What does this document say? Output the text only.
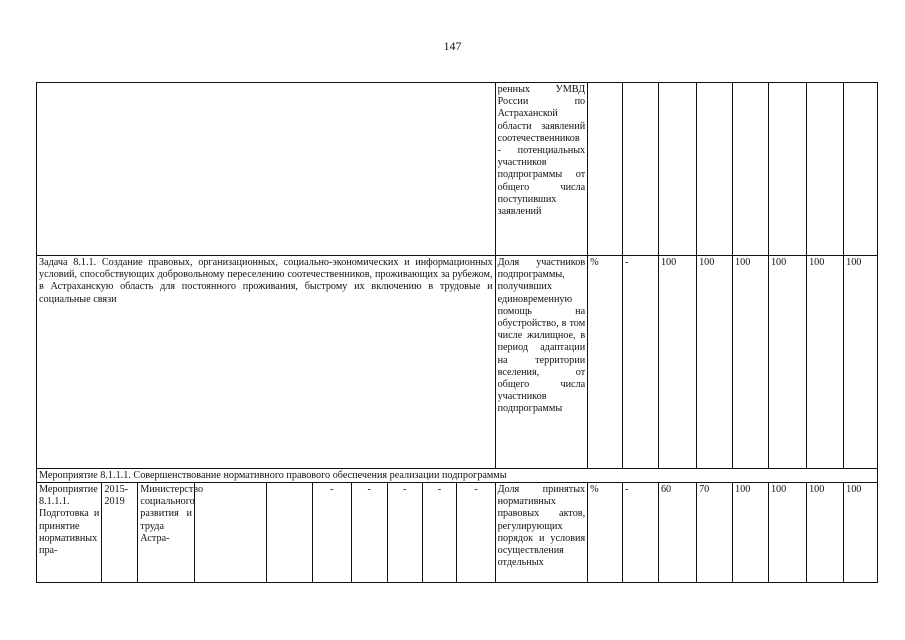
147
										ренных УМВД России по Астраханской области заявлений соотечественников - потенциальных участников подпрограммы от общего числа поступивших заявлений								
Задача 8.1.1. Создание правовых, организационных, социально-экономических и информационных условий, способствующих добровольному переселению соотечественников, проживающих за рубежом, в Астраханскую область для постоянного проживания, быстрому их включению в трудовые и социальные связи										Доля участников подпрограммы, получивших единовременную помощь на обустройство, в том числе жилищное, в период адаптации на территории вселения, от общего числа участников подпрограммы	%	-	100	100	100	100	100	100
Мероприятие 8.1.1.1. Совершенствование нормативного правового обеспечения реализации подпрограммы																		
Мероприятие 8.1.1.1. Подготовка и принятие нормативных пра-	2015-2019	Министерство социального развития и труда Астра-			-	-	-	-	-	Доля принятых нормативных правовых актов, регулирующих порядок и условия осуществления отдельных	%	-	60	70	100	100	100	100
